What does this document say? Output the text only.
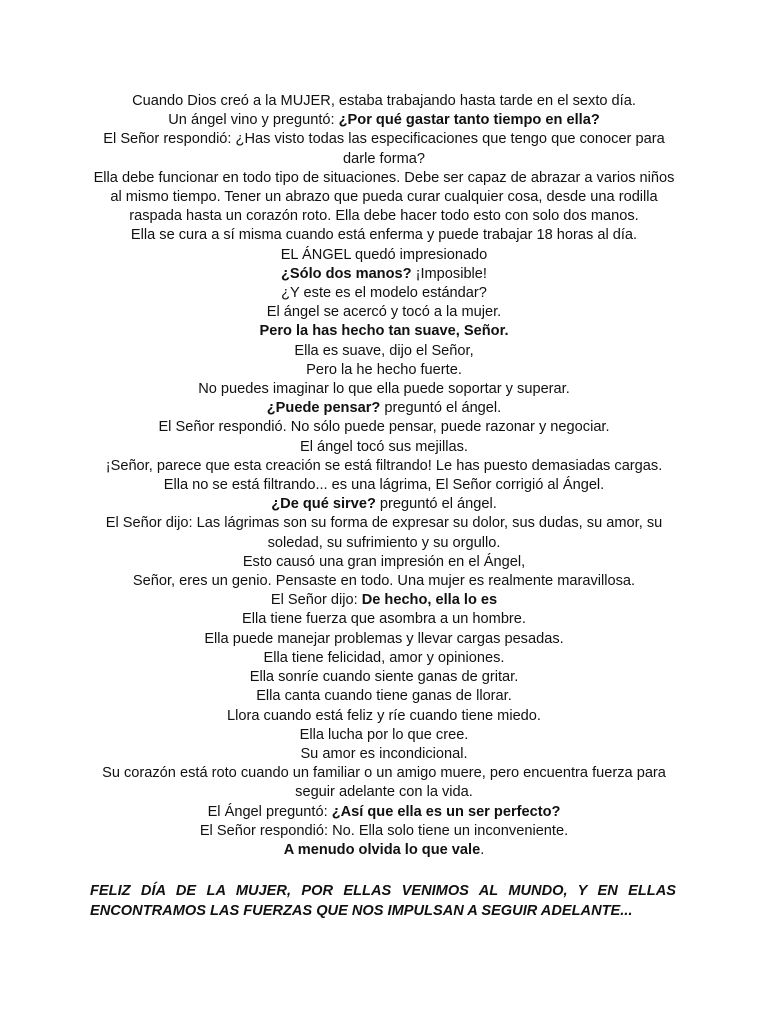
Cuando Dios creó a la MUJER, estaba trabajando hasta tarde en el sexto día.

Un ángel vino y preguntó: ¿Por qué gastar tanto tiempo en ella?

El Señor respondió: ¿Has visto todas las especificaciones que tengo que conocer para darle forma?

Ella debe funcionar en todo tipo de situaciones. Debe ser capaz de abrazar a varios niños al mismo tiempo. Tener un abrazo que pueda curar cualquier cosa, desde una rodilla raspada hasta un corazón roto. Ella debe hacer todo esto con solo dos manos.

Ella se cura a sí misma cuando está enferma y puede trabajar 18 horas al día.

EL ÁNGEL quedó impresionado

¿Sólo dos manos? ¡Imposible!

¿Y este es el modelo estándar?

El ángel se acercó y tocó a la mujer.

Pero la has hecho tan suave, Señor.

Ella es suave, dijo el Señor,

Pero la he hecho fuerte.

No puedes imaginar lo que ella puede soportar y superar.

¿Puede pensar? preguntó el ángel.

El Señor respondió. No sólo puede pensar, puede razonar y negociar.

El ángel tocó sus mejillas.

¡Señor, parece que esta creación se está filtrando! Le has puesto demasiadas cargas.

Ella no se está filtrando... es una lágrima, El Señor corrigió al Ángel.

¿De qué sirve? preguntó el ángel.

El Señor dijo: Las lágrimas son su forma de expresar su dolor, sus dudas, su amor, su soledad, su sufrimiento y su orgullo.

Esto causó una gran impresión en el Ángel,

Señor, eres un genio. Pensaste en todo. Una mujer es realmente maravillosa.

El Señor dijo: De hecho, ella lo es

Ella tiene fuerza que asombra a un hombre.

Ella puede manejar problemas y llevar cargas pesadas.

Ella tiene felicidad, amor y opiniones.

Ella sonríe cuando siente ganas de gritar.

Ella canta cuando tiene ganas de llorar.

Llora cuando está feliz y ríe cuando tiene miedo.

Ella lucha por lo que cree.

Su amor es incondicional.

Su corazón está roto cuando un familiar o un amigo muere, pero encuentra fuerza para seguir adelante con la vida.

El Ángel preguntó: ¿Así que ella es un ser perfecto?

El Señor respondió: No. Ella solo tiene un inconveniente.

A menudo olvida lo que vale.

FELIZ DÍA DE LA MUJER, POR ELLAS VENIMOS AL MUNDO, Y EN ELLAS ENCONTRAMOS LAS FUERZAS QUE NOS IMPULSAN A SEGUIR ADELANTE...
